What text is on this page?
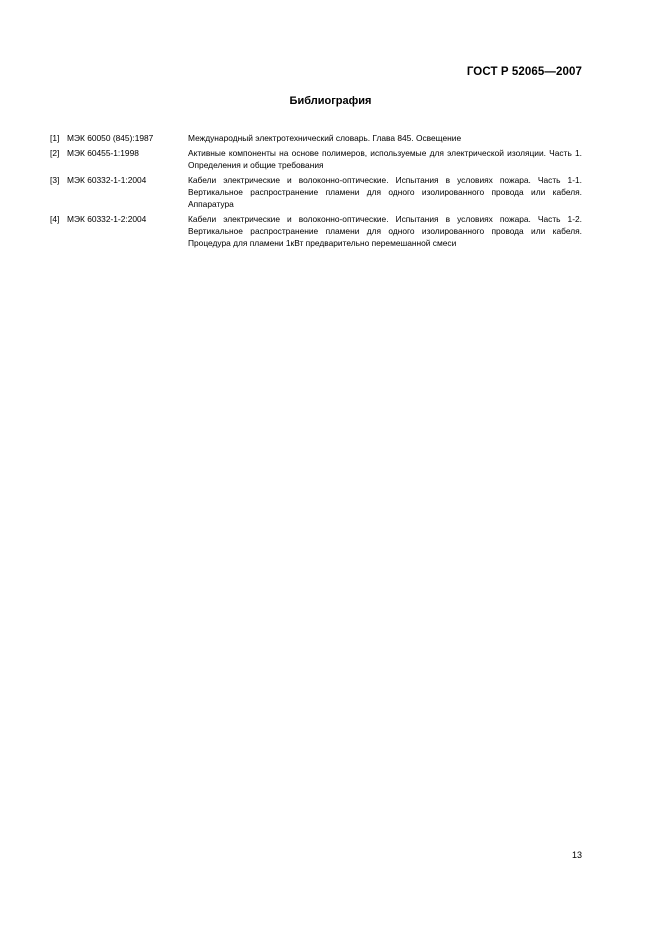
ГОСТ Р 52065—2007
Библиография
[1] МЭК 60050 (845):1987	Международный электротехнический словарь. Глава 845. Освещение
[2] МЭК 60455-1:1998	Активные компоненты на основе полимеров, используемые для электрической изоляции. Часть 1. Определения и общие требования
[3] МЭК 60332-1-1:2004	Кабели электрические и волоконно-оптические. Испытания в условиях пожара. Часть 1-1. Вертикальное распространение пламени для одного изолированного провода или кабеля. Аппаратура
[4] МЭК 60332-1-2:2004	Кабели электрические и волоконно-оптические. Испытания в условиях пожара. Часть 1-2. Вертикальное распространение пламени для одного изолированного провода или кабеля. Процедура для пламени 1кВт предварительно перемешанной смеси
13
